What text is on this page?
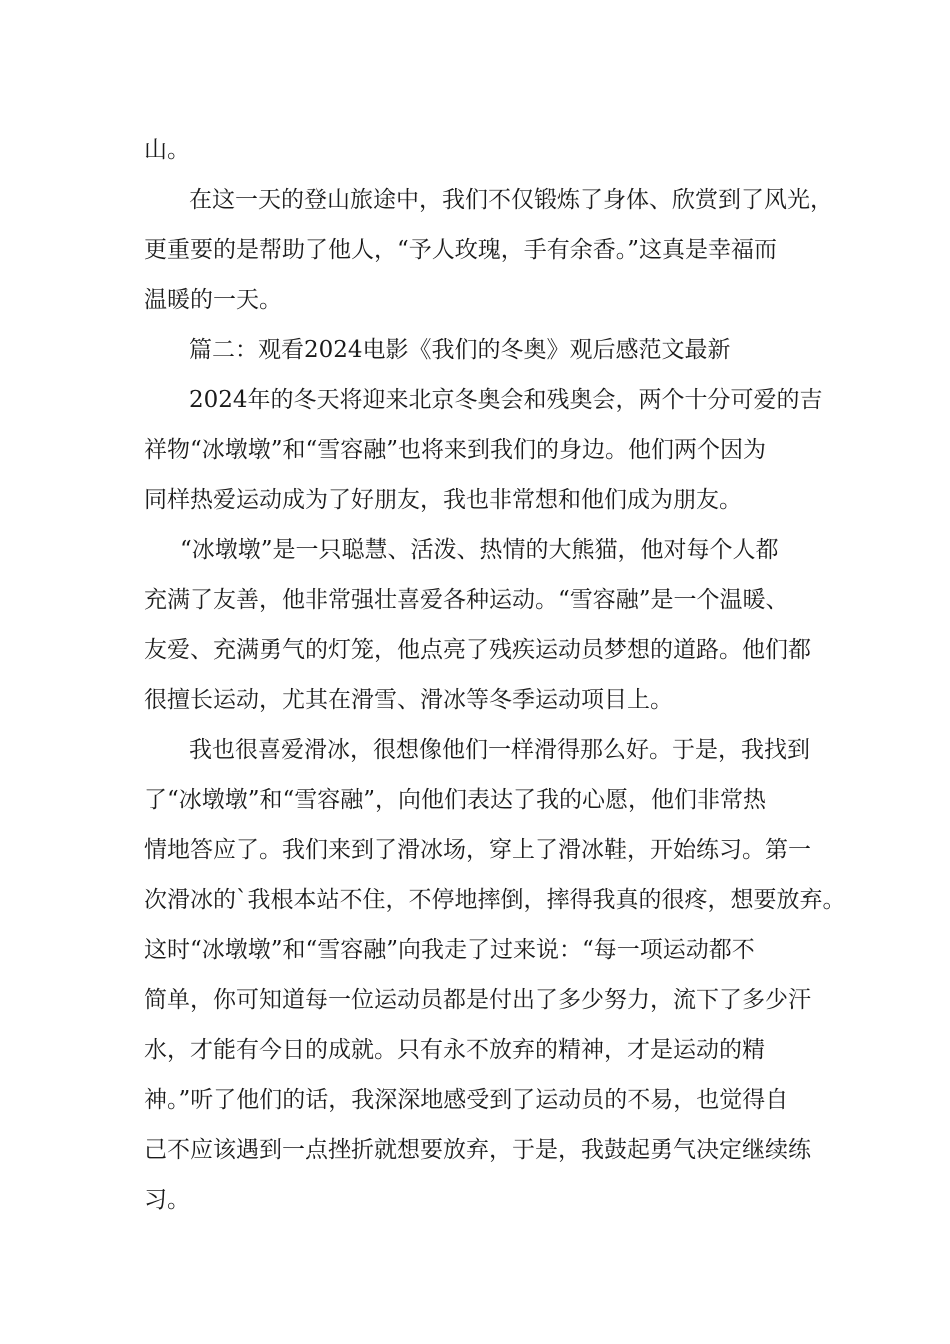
山。
在这一天的登山旅途中，我们不仅锻炼了身体、欣赏到了风光，
更重要的是帮助了他人，“予人玫瑰，手有余香。”这真是幸福而
温暖的一天。
篇二：观看2024电影《我们的冬奥》观后感范文最新
2024年的冬天将迎来北京冬奥会和残奥会，两个十分可爱的吉
祥物“冰墩墩”和“雪容融”也将来到我们的身边。他们两个因为
同样热爱运动成为了好朋友，我也非常想和他们成为朋友。
“冰墩墩”是一只聪慧、活泼、热情的大熊猫，他对每个人都
充满了友善，他非常强壮喜爱各种运动。“雪容融”是一个温暖、
友爱、充满勇气的灯笼，他点亮了残疾运动员梦想的道路。他们都
很擅长运动，尤其在滑雪、滑冰等冬季运动项目上。
我也很喜爱滑冰，很想像他们一样滑得那么好。于是，我找到
了“冰墩墩”和“雪容融”，向他们表达了我的心愿，他们非常热
情地答应了。我们来到了滑冰场，穿上了滑冰鞋，开始练习。第一
次滑冰的`我根本站不住，不停地摔倒，摔得我真的很疼，想要放弃。
这时“冰墩墩”和“雪容融”向我走了过来说：“每一项运动都不
简单，你可知道每一位运动员都是付出了多少努力，流下了多少汗
水，才能有今日的成就。只有永不放弃的精神，才是运动的精
神。”听了他们的话，我深深地感受到了运动员的不易，也觉得自
己不应该遇到一点挫折就想要放弃，于是，我鼓起勇气决定继续练
习。
